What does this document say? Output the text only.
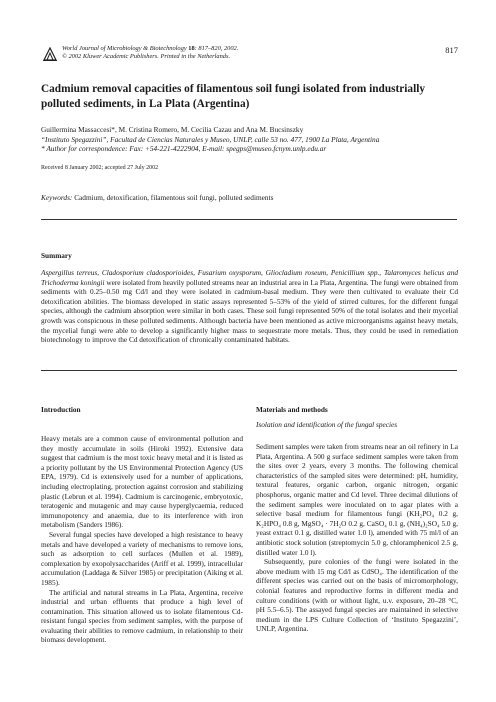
World Journal of Microbiology & Biotechnology 18: 817–820, 2002.
© 2002 Kluwer Academic Publishers. Printed in the Netherlands.
817
Cadmium removal capacities of filamentous soil fungi isolated from industrially polluted sediments, in La Plata (Argentina)
Guillermina Massaccesi*, M. Cristina Romero, M. Cecilia Cazau and Ana M. Bucsinszky
“Instituto Spegazzini”, Facultad de Ciencias Naturales y Museo, UNLP, calle 53 no. 477, 1900 La Plata, Argentina
* Author for correspondence: Fax: +54-221-4222904, E-mail: spegps@museo.fcnym.unlp.edu.ar
Received 8 January 2002; accepted 27 July 2002
Keywords: Cadmium, detoxification, filamentous soil fungi, polluted sediments
Summary
Aspergillus terreus, Cladosporium cladosporioides, Fusarium oxysporum, Gliocladium roseum, Penicillium spp., Talaromyces helicus and Trichoderma koningii were isolated from heavily polluted streams near an industrial area in La Plata, Argentina. The fungi were obtained from sediments with 0.25–0.50 mg Cd/l and they were isolated in cadmium-basal medium. They were then cultivated to evaluate their Cd detoxification abilities. The biomass developed in static assays represented 5–53% of the yield of stirred cultures, for the different fungal species, although the cadmium absorption were similar in both cases. These soil fungi represented 50% of the total isolates and their mycelial growth was conspicuous in these polluted sediments. Although bacteria have been mentioned as active microorganisms against heavy metals, the mycelial fungi were able to develop a significantly higher mass to sequestrate more metals. Thus, they could be used in remediation biotechnology to improve the Cd detoxification of chronically contaminated habitats.
Introduction

Heavy metals are a common cause of environmental pollution and they mostly accumulate in soils (Hiroki 1992). Extensive data suggest that cadmium is the most toxic heavy metal and it is listed as a priority pollutant by the US Environmental Protection Agency (US EPA, 1979). Cd is extensively used for a number of applications, including electroplating, protection against corrosion and stabilizing plastic (Lebrun et al. 1994). Cadmium is carcinogenic, embryotoxic, teratogenic and mutagenic and may cause hyperglycaemia, reduced immunopotency and anaemia, due to its interference with iron metabolism (Sanders 1986).

Several fungal species have developed a high resistance to heavy metals and have developed a variety of mechanisms to remove ions, such as adsorption to cell surfaces (Mullen et al. 1989), complexation by exopolysaccharides (Ariff et al. 1999), intracellular accumulation (Laddaga & Silver 1985) or precipitation (Aiking et al. 1985).

The artificial and natural streams in La Plata, Argentina, receive industrial and urban effluents that produce a high level of contamination. This situation allowed us to isolate filamentous Cd-resistant fungal species from sediment samples, with the purpose of evaluating their abilities to remove cadmium, in relationship to their biomass development.

Materials and methods
Isolation and identification of the fungal species

Sediment samples were taken from streams near an oil refinery in La Plata, Argentina. A 500 g surface sediment samples were taken from the sites over 2 years, every 3 months. The following chemical characteristics of the sampled sites were determined: pH, humidity, textural features, organic carbon, organic nitrogen, organic phosphorus, organic matter and Cd level. Three decimal dilutions of the sediment samples were inoculated on to agar plates with a selective basal medium for filamentous fungi (KH₂PO₄ 0.2 g, K₂HPO₄ 0.8 g, MgSO₄ · 7H₂O 0.2 g, CaSO₄ 0.1 g, (NH₄)₂SO₄ 5.0 g, yeast extract 0.1 g, distilled water 1.0 l), amended with 75 ml/l of an antibiotic stock solution (streptomycin 5.0 g, chloramphenicol 2.5 g, distilled water 1.0 l).

Subsequently, pure colonies of the fungi were isolated in the above medium with 15 mg Cd/l as CdSO₄. The identification of the different species was carried out on the basis of micromorphology, colonial features and reproductive forms in different media and culture conditions (with or without light, u.v. exposure, 20–28 °C, pH 5.5–6.5). The assayed fungal species are maintained in selective medium in the LPS Culture Collection of ‘Instituto Spegazzini’, UNLP, Argentina.
